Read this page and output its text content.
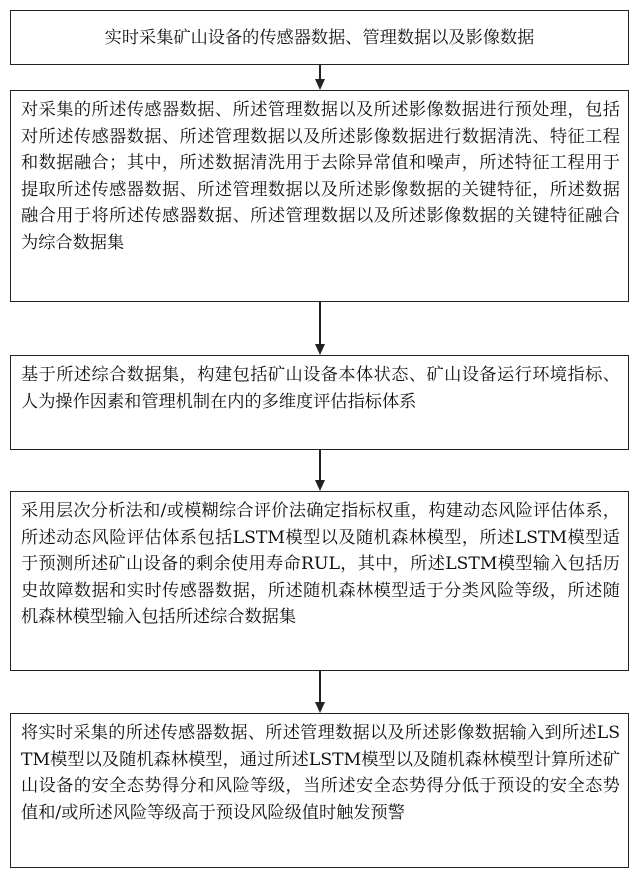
实时采集矿山设备的传感器数据、管理数据以及影像数据
对采集的所述传感器数据、所述管理数据以及所述影像数据进行预处理，包括对所述传感器数据、所述管理数据以及所述影像数据进行数据清洗、特征工程和数据融合；其中，所述数据清洗用于去除异常值和噪声，所述特征工程用于提取所述传感器数据、所述管理数据以及所述影像数据的关键特征，所述数据融合用于将所述传感器数据、所述管理数据以及所述影像数据的关键特征融合为综合数据集
基于所述综合数据集，构建包括矿山设备本体状态、矿山设备运行环境指标、人为操作因素和管理机制在内的多维度评估指标体系
采用层次分析法和/或模糊综合评价法确定指标权重，构建动态风险评估体系，所述动态风险评估体系包括LSTM模型以及随机森林模型，所述LSTM模型适于预测所述矿山设备的剩余使用寿命RUL，其中，所述LSTM模型输入包括历史故障数据和实时传感器数据，所述随机森林模型适于分类风险等级，所述随机森林模型输入包括所述综合数据集
将实时采集的所述传感器数据、所述管理数据以及所述影像数据输入到所述LSTM模型以及随机森林模型，通过所述LSTM模型以及随机森林模型计算所述矿山设备的安全态势得分和风险等级，当所述安全态势得分低于预设的安全态势值和/或所述风险等级高于预设风险级值时触发预警
